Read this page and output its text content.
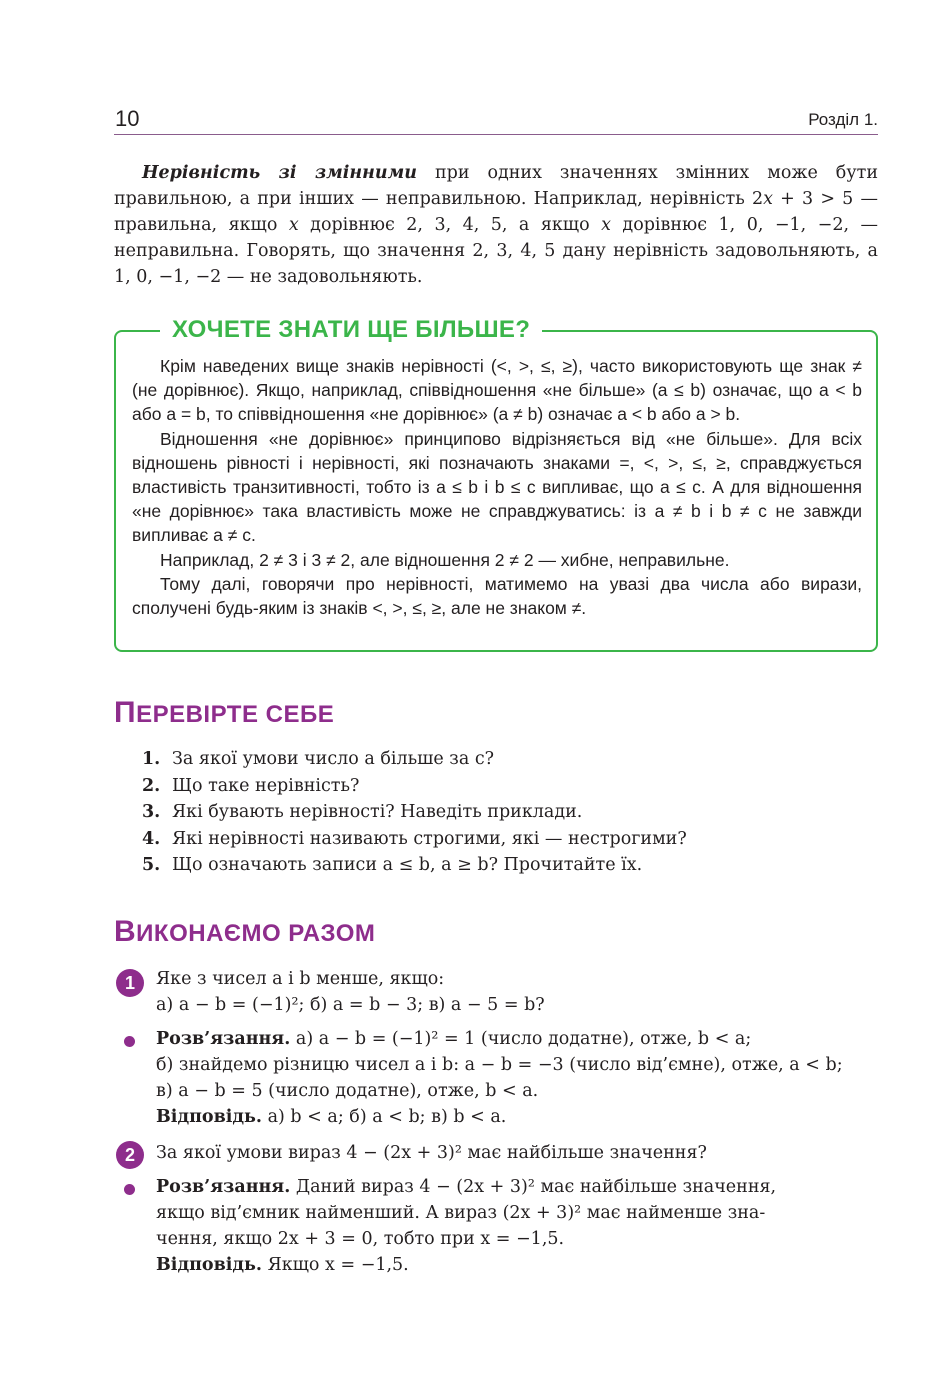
10	Розділ 1.

Нерівність зі змінними при одних значеннях змінних може бути правильною, а при інших — неправильною. Наприклад, нерівність 2x + 3 > 5 — правильна, якщо x дорівнює 2, 3, 4, 5, а якщо x дорівнює 1, 0, −1, −2, — неправильна. Говорять, що значення 2, 3, 4, 5 дану нерівність задовольняють, а 1, 0, −1, −2 — не задовольняють.

ХОЧЕТЕ ЗНАТИ ЩЕ БІЛЬШЕ?

Крім наведених вище знаків нерівності (<, >, ≤, ≥), часто використовують ще знак ≠ (не дорівнює). Якщо, наприклад, співвідношення «не більше» (a ≤ b) означає, що a < b або a = b, то співвідношення «не дорівнює» (a ≠ b) означає a < b або a > b.

Відношення «не дорівнює» принципово відрізняється від «не більше». Для всіх відношень рівності і нерівності, які позначають знаками =, <, >, ≤, ≥, справджується властивість транзитивності, тобто із a ≤ b і b ≤ c випливає, що a ≤ c. А для відношення «не дорівнює» така властивість може не справджуватись: із a ≠ b і b ≠ c не завжди випливає a ≠ c.

Наприклад, 2 ≠ 3 і 3 ≠ 2, але відношення 2 ≠ 2 — хибне, неправильне.

Тому далі, говорячи про нерівності, матимемо на увазі два числа або вирази, сполучені будь-яким із знаків <, >, ≤, ≥, але не знаком ≠.

ПЕРЕВІРТЕ СЕБЕ
1. За якої умови число a більше за c?
2. Що таке нерівність?
3. Які бувають нерівності? Наведіть приклади.
4. Які нерівності називають строгими, які — нестрогими?
5. Що означають записи a ≤ b, a ≥ b? Прочитайте їх.
ВИКОНАЄМО РАЗОМ
1	Яке з чисел a і b менше, якщо:
а) a − b = (−1)²; б) a = b − 3; в) a − 5 = b?
Розв’язання. а) a − b = (−1)² = 1 (число додатне), отже, b < a;
б) знайдемо різницю чисел a і b: a − b = −3 (число від’ємне), отже, a < b;
в) a − b = 5 (число додатне), отже, b < a.
Відповідь. а) b < a; б) a < b; в) b < a.
2	За якої умови вираз 4 − (2x + 3)² має найбільше значення?
Розв’язання. Даний вираз 4 − (2x + 3)² має найбільше значення,
якщо від’ємник найменший. А вираз (2x + 3)² має найменше зна-
чення, якщо 2x + 3 = 0, тобто при x = −1,5.
Відповідь. Якщо x = −1,5.
